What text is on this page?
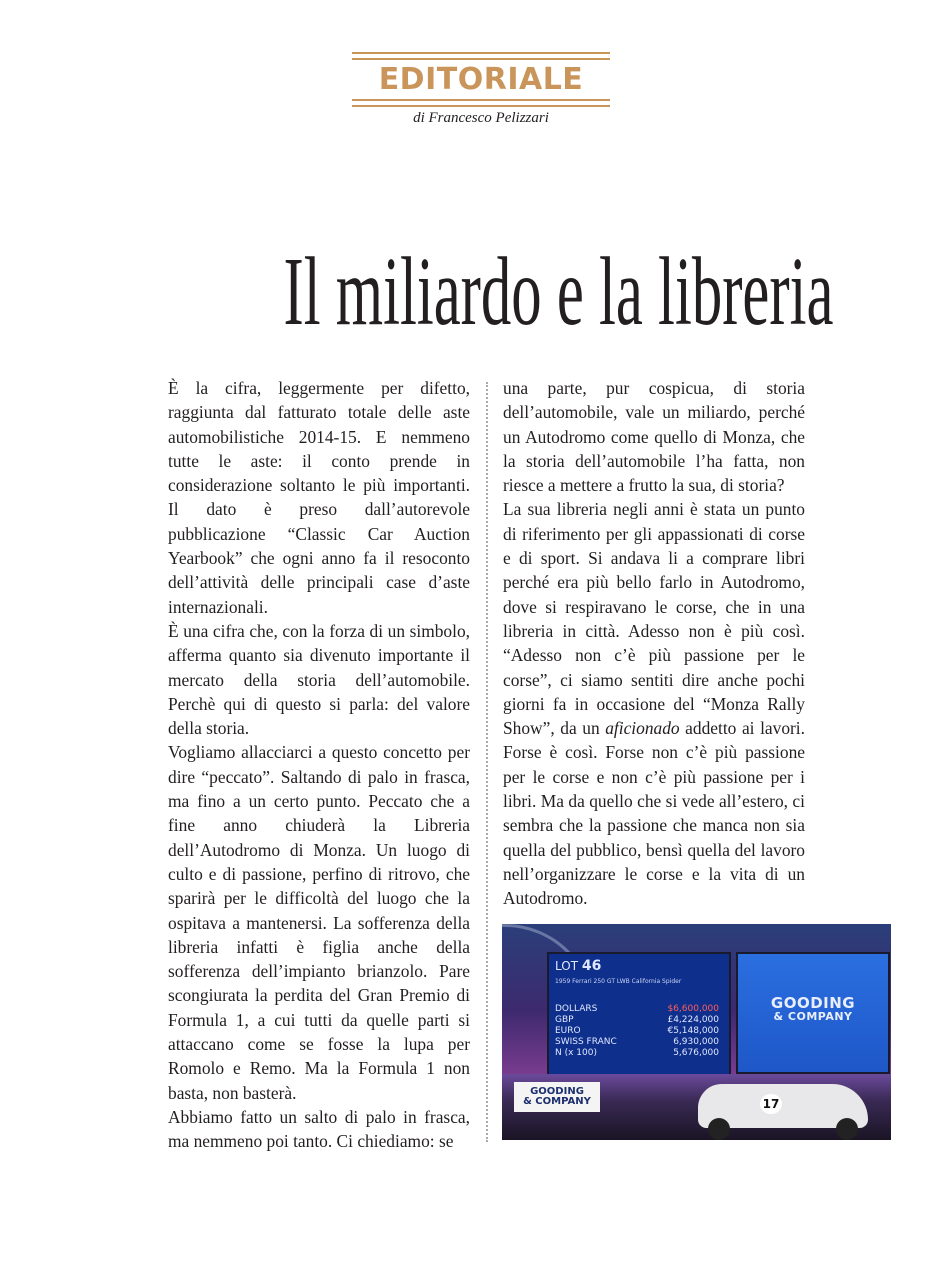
EDITORIALE
di Francesco Pelizzari
Il miliardo e la libreria

È la cifra, leggermente per difetto, raggiunta dal fatturato totale delle aste automobilistiche 2014-15. E nemmeno tutte le aste: il conto prende in considerazione soltanto le più importanti. Il dato è preso dall’autorevole pubblicazione “Classic Car Auction Yearbook” che ogni anno fa il resoconto dell’attività delle principali case d’aste internazionali.

È una cifra che, con la forza di un simbolo, afferma quanto sia divenuto importante il mercato della storia dell’automobile. Perchè qui di questo si parla: del valore della storia.

Vogliamo allacciarci a questo concetto per dire “peccato”. Saltando di palo in frasca, ma fino a un certo punto. Peccato che a fine anno chiuderà la Libreria dell’Autodromo di Monza. Un luogo di culto e di passione, perfino di ritrovo, che sparirà per le difficoltà del luogo che la ospitava a mantenersi. La sofferenza della libreria infatti è figlia anche della sofferenza dell’impianto brianzolo. Pare scongiurata la perdita del Gran Premio di Formula 1, a cui tutti da quelle parti si attaccano come se fosse la lupa per Romolo e Remo. Ma la Formula 1 non basta, non basterà.

Abbiamo fatto un salto di palo in frasca, ma nemmeno poi tanto. Ci chiediamo: se

una parte, pur cospicua, di storia dell’automobile, vale un miliardo, perché un Autodromo come quello di Monza, che la storia dell’automobile l’ha fatta, non riesce a mettere a frutto la sua, di storia?

La sua libreria negli anni è stata un punto di riferimento per gli appassionati di corse e di sport. Si andava li a comprare libri perché era più bello farlo in Autodromo, dove si respiravano le corse, che in una libreria in città. Adesso non è più così. “Adesso non c’è più passione per le corse”, ci siamo sentiti dire anche pochi giorni fa in occasione del “Monza Rally Show”, da un aficionado addetto ai lavori. Forse è così. Forse non c’è più passione per le corse e non c’è più passione per i libri. Ma da quello che si vede all’estero, ci sembra che la passione che manca non sia quella del pubblico, bensì quella del lavoro nell’organizzare le corse e la vita di un Autodromo.

LOT 46
1959 Ferrari 250 GT LWB California Spider
DOLLARS	$6,600,000
GBP	£4,224,000
EURO	€5,148,000
SWISS FRANC	6,930,000
N (x 100)	5,676,000
GOODING
& COMPANY
GOODING
& COMPANY	17
